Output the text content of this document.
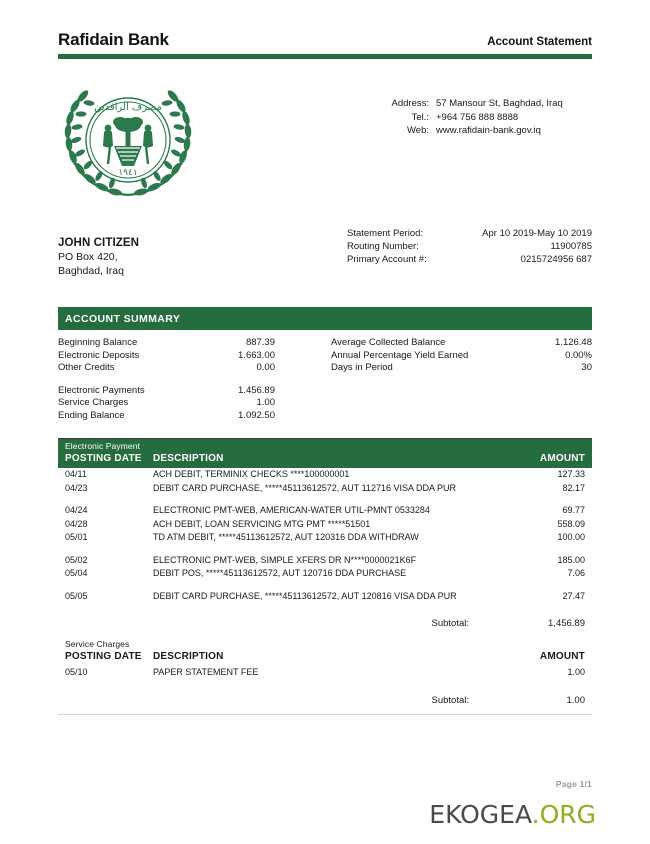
Rafidain Bank	Account Statement
مصرف الرافدين
١٩٤١
Address:	57 Mansour St, Baghdad, Iraq
Tel.:	+964 756 888 8888
Web:	www.rafidain-bank.gov.iq
JOHN CITIZEN
PO Box 420,
Baghdad, Iraq
Statement Period:	Apr 10 2019-May 10 2019
Routing Number:	11900785
Primary Account #:	0215724956 687
ACCOUNT SUMMARY
Beginning Balance	887.39
Electronic Deposits	1.663.00
Other Credits	0.00

Electronic Payments	1.456.89
Service Charges	1.00
Ending Balance	1.092.50
Average Collected Balance	1.126.48
Annual Percentage Yield Earned	0.00%
Days in Period	30
Electronic Payment
POSTING DATE	DESCRIPTION	AMOUNT
04/11	ACH DEBIT, TERMINIX CHECKS ****100000001	127.33
04/23	DEBIT CARD PURCHASE, *****45113612572, AUT 112716 VISA DDA PUR	82.17
04/24	ELECTRONIC PMT-WEB, AMERICAN-WATER UTIL-PMNT 0533284	69.77
04/28	ACH DEBIT, LOAN SERVICING MTG PMT *****51501	558.09
05/01	TD ATM DEBIT, *****45113612572, AUT 120316 DDA WITHDRAW	100.00
05/02	ELECTRONIC PMT-WEB, SIMPLE XFERS DR N****0000021K6F	185.00
05/04	DEBIT POS, *****45113612572, AUT 120716 DDA PURCHASE	7.06
05/05	DEBIT CARD PURCHASE, *****45113612572, AUT 120816 VISA DDA PUR	27.47
Subtotal:	1,456.89
Service Charges
POSTING DATE	DESCRIPTION	AMOUNT
05/10	PAPER STATEMENT FEE	1.00
Subtotal:	1.00
Page 1/1
EKOGEA.ORG
